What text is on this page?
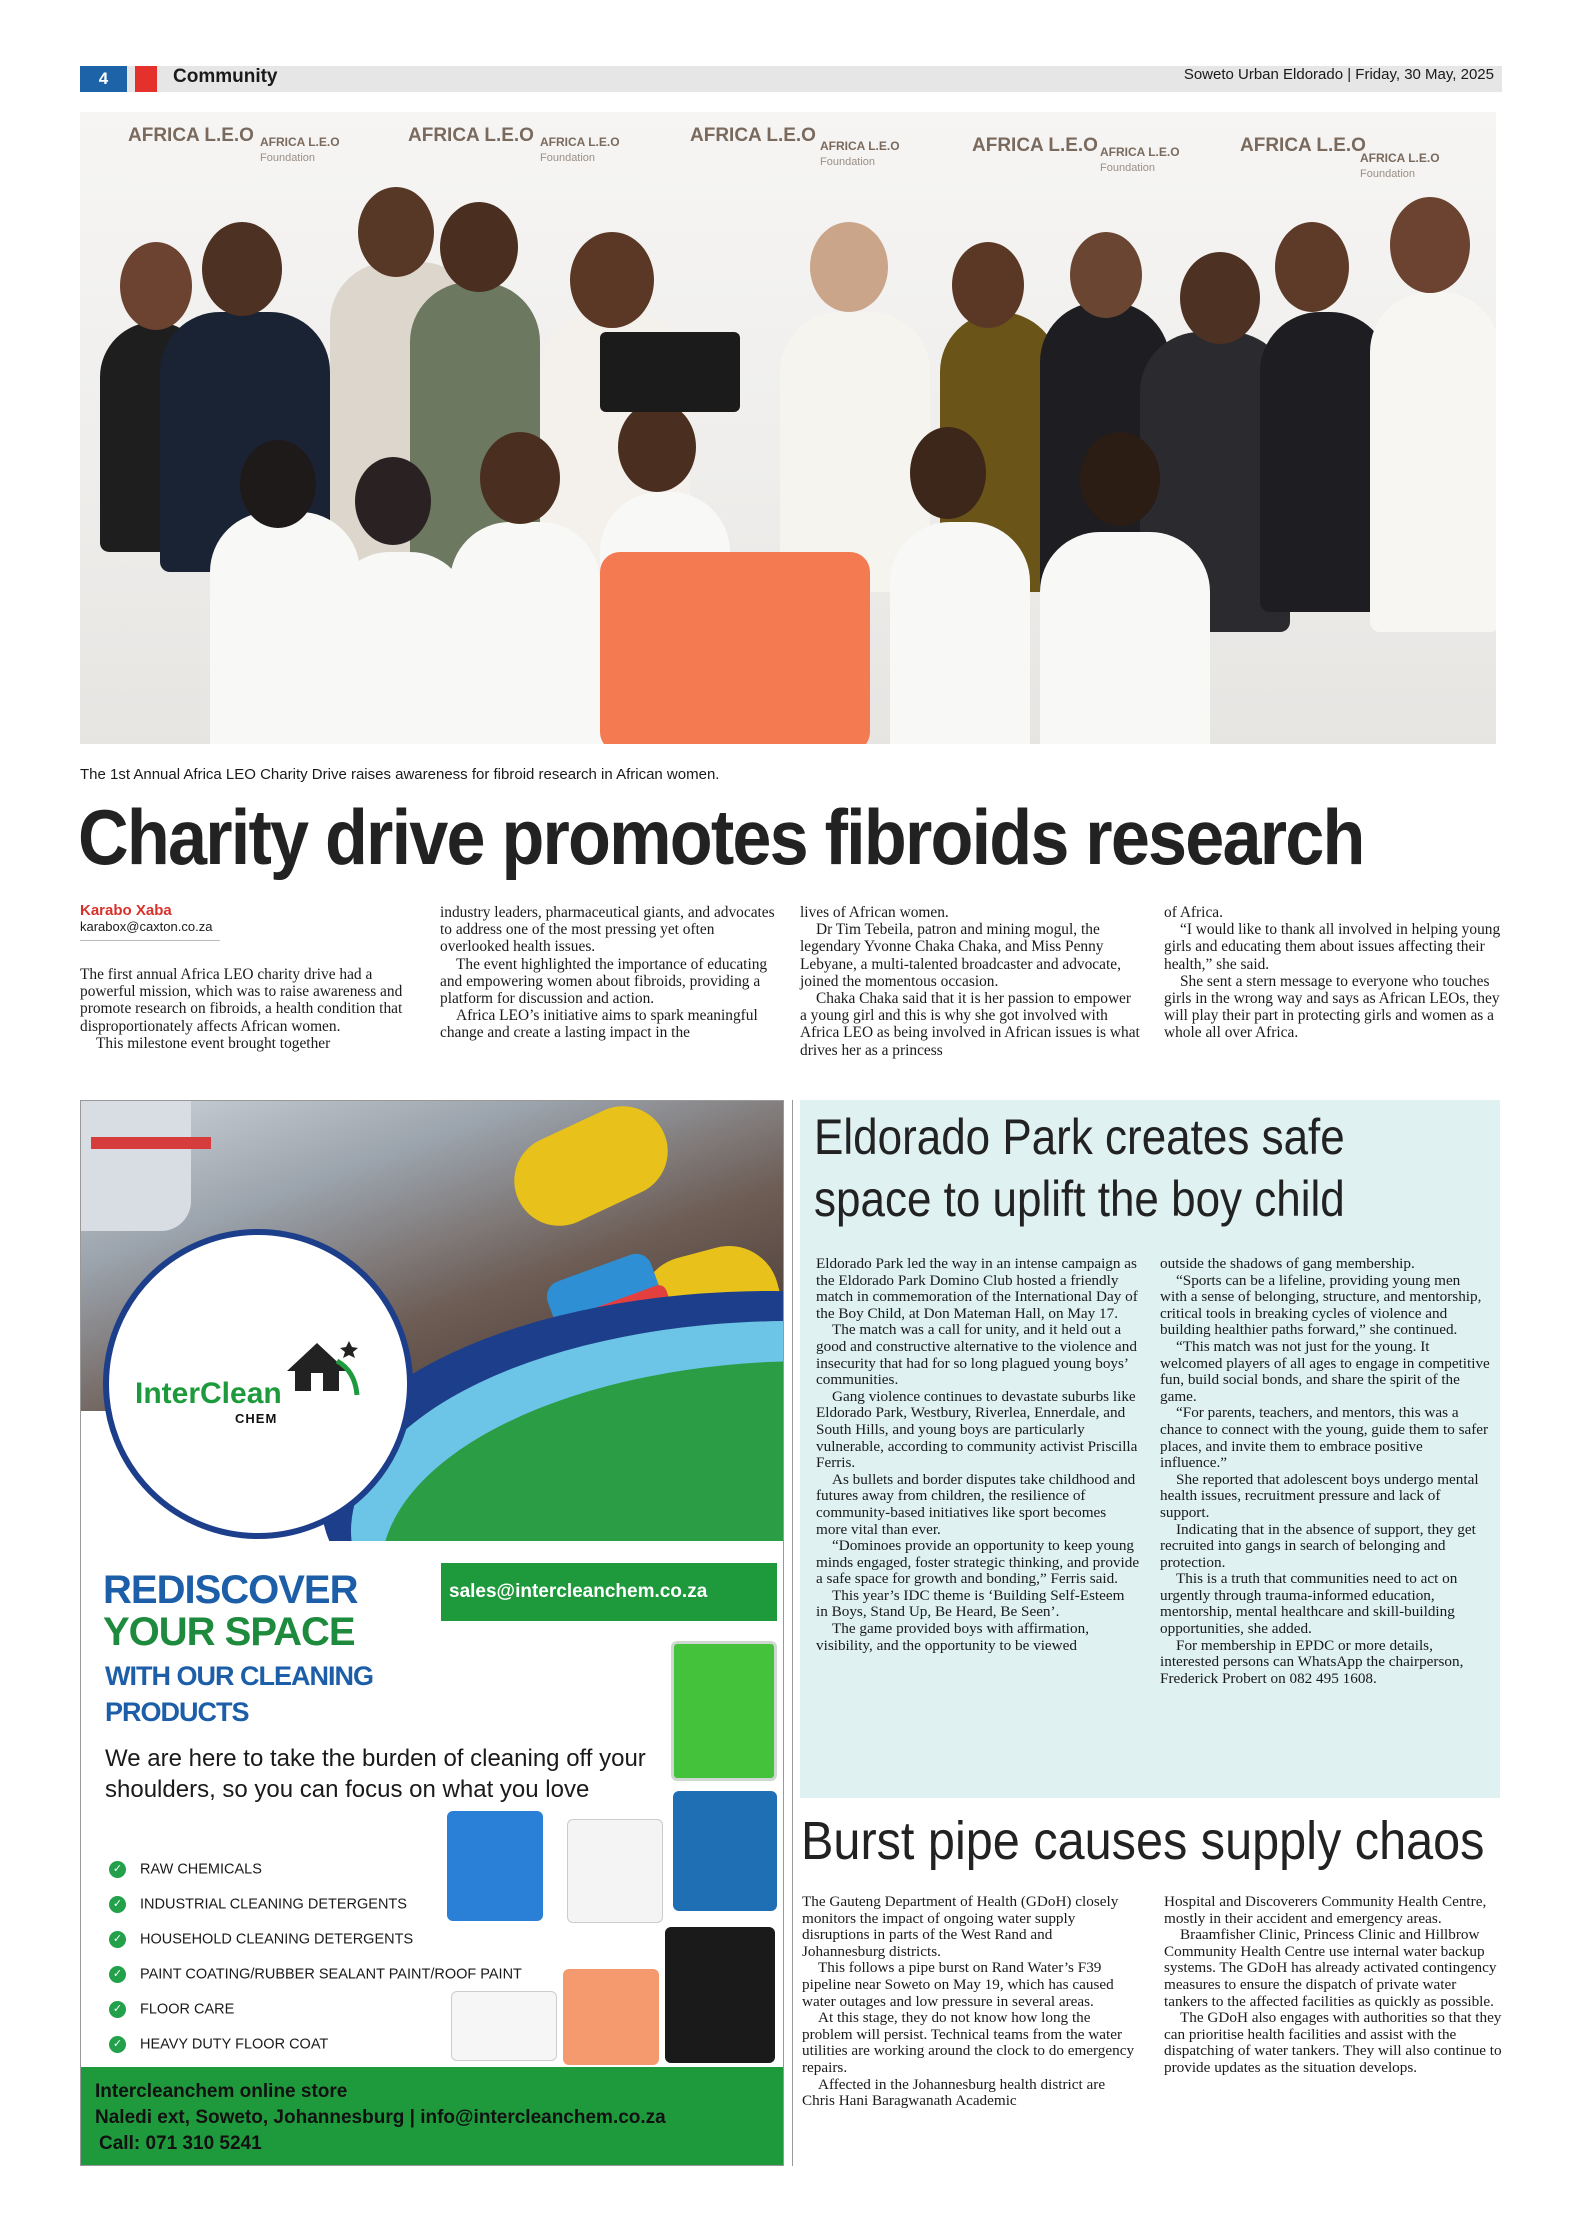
4	Community	Soweto Urban Eldorado | Friday, 30 May, 2025
AFRICA L.E.O	AFRICA L.E.O	AFRICA L.E.O	AFRICA L.E.O	AFRICA L.E.O
AFRICA L.E.O
Foundation
AFRICA L.E.O
Foundation
AFRICA L.E.O
Foundation
AFRICA L.E.O
Foundation
AFRICA L.E.O
Foundation
The 1st Annual Africa LEO Charity Drive raises awareness for fibroid research in African women.
Charity drive promotes fibroids research
Karabo Xaba
karabox@caxton.co.za

The first annual Africa LEO charity drive had a powerful mission, which was to raise awareness and promote research on fibroids, a health condition that disproportionately affects African women.

This milestone event brought together

industry leaders, pharmaceutical giants, and advocates to address one of the most pressing yet often overlooked health issues.

The event highlighted the importance of educating and empowering women about fibroids, providing a platform for discussion and action.

Africa LEO’s initiative aims to spark meaningful change and create a lasting impact in the

lives of African women.

Dr Tim Tebeila, patron and mining mogul, the legendary Yvonne Chaka Chaka, and Miss Penny Lebyane, a multi-talented broadcaster and advocate, joined the momentous occasion.

Chaka Chaka said that it is her passion to empower a young girl and this is why she got involved with Africa LEO as being involved in African issues is what drives her as a princess

of Africa.

“I would like to thank all involved in helping young girls and educating them about issues affecting their health,” she said.

She sent a stern message to everyone who touches girls in the wrong way and says as African LEOs, they will play their part in protecting girls and women as a whole all over Africa.

InterClean
CHEM
REDISCOVER
YOUR SPACE
WITH OUR CLEANING
PRODUCTS
sales@intercleanchem.co.za
We are here to take the burden of cleaning off your shoulders, so you can focus on what you love
✓ RAW CHEMICALS
✓ INDUSTRIAL CLEANING DETERGENTS
✓ HOUSEHOLD CLEANING DETERGENTS
✓ PAINT COATING/RUBBER SEALANT PAINT/ROOF PAINT
✓ FLOOR CARE
✓ HEAVY DUTY FLOOR COAT
Intercleanchem online store
Naledi ext, Soweto, Johannesburg | info@intercleanchem.co.za
Call: 071 310 5241
Eldorado Park creates safe
space to uplift the boy child

Eldorado Park led the way in an intense campaign as the Eldorado Park Domino Club hosted a friendly match in commemoration of the International Day of the Boy Child, at Don Mateman Hall, on May 17.

The match was a call for unity, and it held out a good and constructive alternative to the violence and insecurity that had for so long plagued young boys’ communities.

Gang violence continues to devastate suburbs like Eldorado Park, Westbury, Riverlea, Ennerdale, and South Hills, and young boys are particularly vulnerable, according to community activist Priscilla Ferris.

As bullets and border disputes take childhood and futures away from children, the resilience of community-based initiatives like sport becomes more vital than ever.

“Dominoes provide an opportunity to keep young minds engaged, foster strategic thinking, and provide a safe space for growth and bonding,” Ferris said.

This year’s IDC theme is ‘Building Self-Esteem in Boys, Stand Up, Be Heard, Be Seen’.

The game provided boys with affirmation, visibility, and the opportunity to be viewed

outside the shadows of gang membership.

“Sports can be a lifeline, providing young men with a sense of belonging, structure, and mentorship, critical tools in breaking cycles of violence and building healthier paths forward,” she continued.

“This match was not just for the young. It welcomed players of all ages to engage in competitive fun, build social bonds, and share the spirit of the game.

“For parents, teachers, and mentors, this was a chance to connect with the young, guide them to safer places, and invite them to embrace positive influence.”

She reported that adolescent boys undergo mental health issues, recruitment pressure and lack of support.

Indicating that in the absence of support, they get recruited into gangs in search of belonging and protection.

This is a truth that communities need to act on urgently through trauma-informed education, mentorship, mental healthcare and skill-building opportunities, she added.

For membership in EPDC or more details, interested persons can WhatsApp the chairperson, Frederick Probert on 082 495 1608.

Burst pipe causes supply chaos

The Gauteng Department of Health (GDoH) closely monitors the impact of ongoing water supply disruptions in parts of the West Rand and Johannesburg districts.

This follows a pipe burst on Rand Water’s F39 pipeline near Soweto on May 19, which has caused water outages and low pressure in several areas.

At this stage, they do not know how long the problem will persist. Technical teams from the water utilities are working around the clock to do emergency repairs.

Affected in the Johannesburg health district are Chris Hani Baragwanath Academic

Hospital and Discoverers Community Health Centre, mostly in their accident and emergency areas.

Braamfisher Clinic, Princess Clinic and Hillbrow Community Health Centre use internal water backup systems. The GDoH has already activated contingency measures to ensure the dispatch of private water tankers to the affected facilities as quickly as possible.

The GDoH also engages with authorities so that they can prioritise health facilities and assist with the dispatching of water tankers. They will also continue to provide updates as the situation develops.
